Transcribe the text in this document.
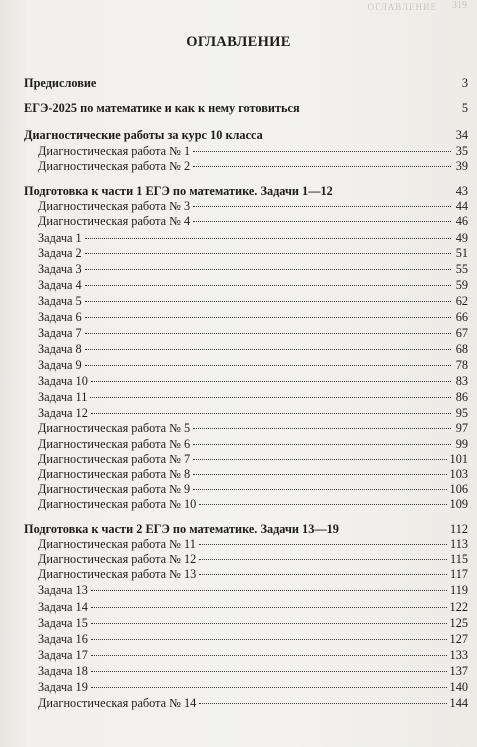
ОГЛАВЛЕНИЕ 319
ОГЛАВЛЕНИЕ
Предисловие	3
ЕГЭ-2025 по математике и как к нему готовиться	5
Диагностические работы за курс 10 класса	34
Диагностическая работа № 1	35
Диагностическая работа № 2	39
Подготовка к части 1 ЕГЭ по математике. Задачи 1—12	43
Диагностическая работа № 3	44
Диагностическая работа № 4	46
Задача 1	49
Задача 2	51
Задача 3	55
Задача 4	59
Задача 5	62
Задача 6	66
Задача 7	67
Задача 8	68
Задача 9	78
Задача 10	83
Задача 11	86
Задача 12	95
Диагностическая работа № 5	97
Диагностическая работа № 6	99
Диагностическая работа № 7	101
Диагностическая работа № 8	103
Диагностическая работа № 9	106
Диагностическая работа № 10	109
Подготовка к части 2 ЕГЭ по математике. Задачи 13—19	112
Диагностическая работа № 11	113
Диагностическая работа № 12	115
Диагностическая работа № 13	117
Задача 13	119
Задача 14	122
Задача 15	125
Задача 16	127
Задача 17	133
Задача 18	137
Задача 19	140
Диагностическая работа № 14	144
